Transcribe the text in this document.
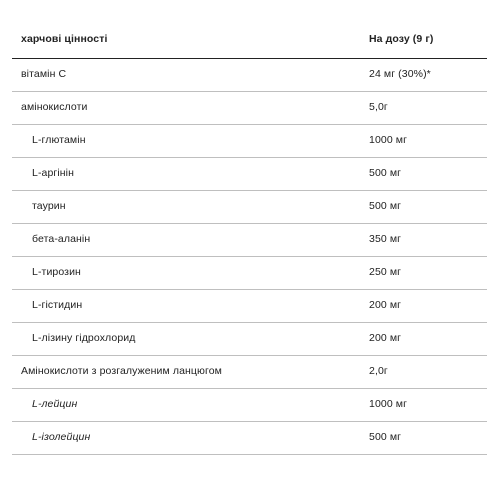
харчові цінності	На дозу (9 г)
вітамін C	24 мг (30%)*
амінокислоти	5,0г
L-глютамін	1000 мг
L-аргінін	500 мг
таурин	500 мг
бета-аланін	350 мг
L-тирозин	250 мг
L-гістидин	200 мг
L-лізину гідрохлорид	200 мг
Амінокислоти з розгалуженим ланцюгом	2,0г
L-лейцин	1000 мг
L-ізолейцин	500 мг
